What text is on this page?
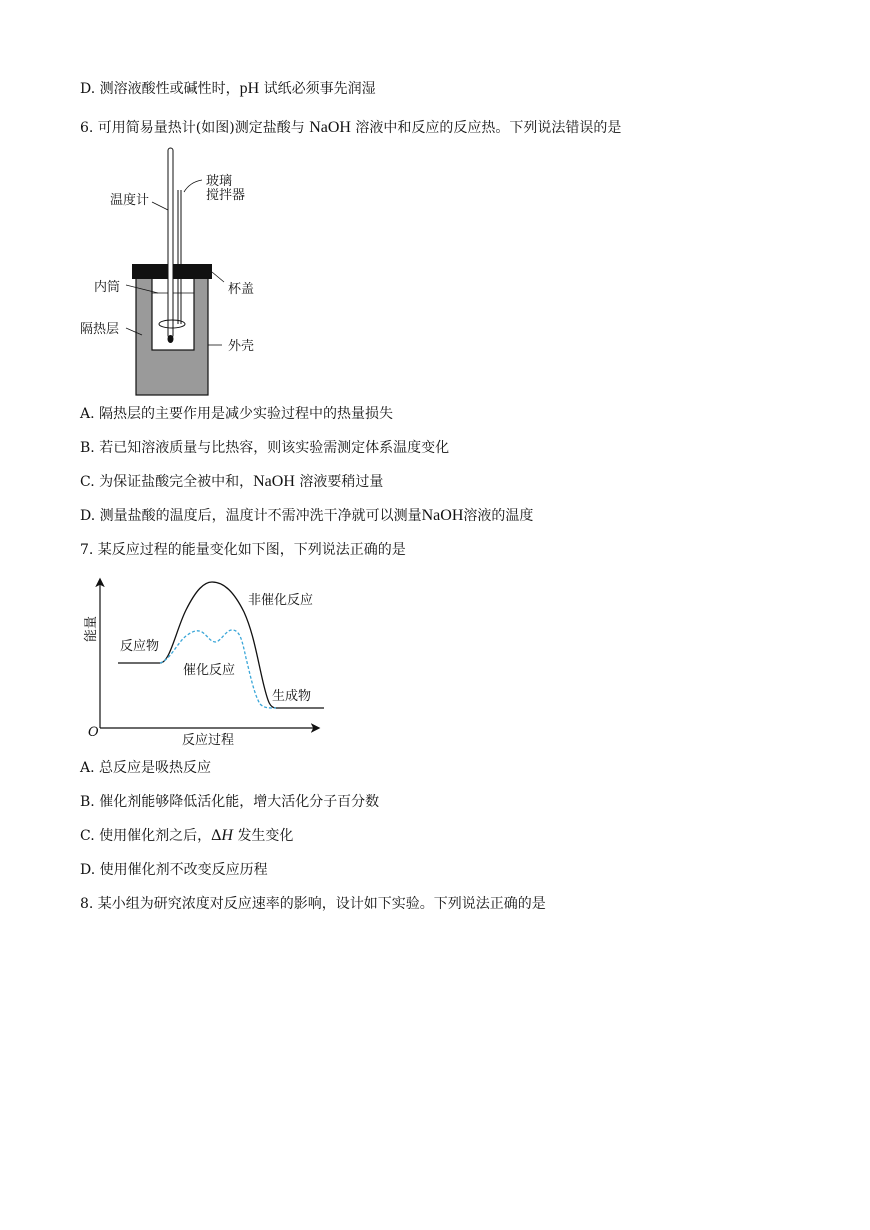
D. 测溶液酸性或碱性时，pH 试纸必须事先润湿
6. 可用简易量热计(如图)测定盐酸与 NaOH 溶液中和反应的反应热。下列说法错误的是
温度计
玻璃
搅拌器
内筒	杯盖
隔热层
外壳
A. 隔热层的主要作用是减少实验过程中的热量损失
B. 若已知溶液质量与比热容，则该实验需测定体系温度变化
C. 为保证盐酸完全被中和，NaOH 溶液要稍过量
D. 测量盐酸的温度后，温度计不需冲洗干净就可以测量NaOH溶液的温度
7. 某反应过程的能量变化如下图，下列说法正确的是
能量
O
反应过程
非催化反应
催化反应
反应物
生成物
A. 总反应是吸热反应
B. 催化剂能够降低活化能，增大活化分子百分数
C. 使用催化剂之后，ΔH 发生变化
D. 使用催化剂不改变反应历程
8. 某小组为研究浓度对反应速率的影响，设计如下实验。下列说法正确的是
